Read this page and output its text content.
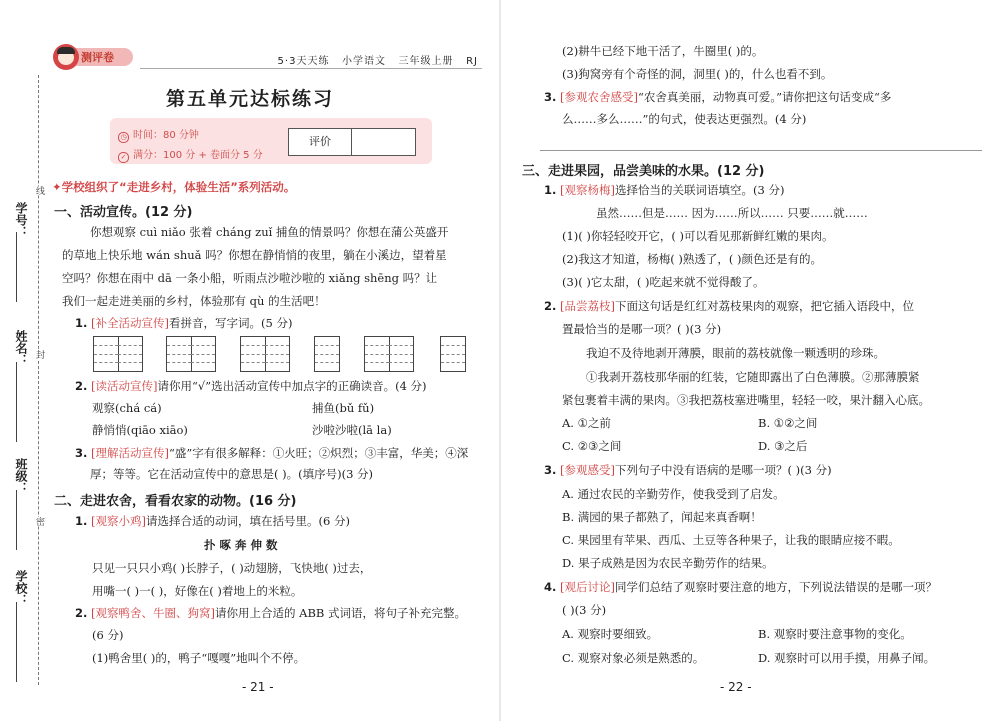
学号：
姓名：
班级：
学校：
线
封
密
测评卷	5·3天天练 小学语文 三年级上册 RJ
第五单元达标练习
◷ 时间：80 分钟
✓ 满分：100 分 + 卷面分 5 分
评价
✦学校组织了“走进乡村，体验生活”系列活动。
一、活动宣传。(12 分)
你想观察 cuì niǎo 张着 cháng zuǐ 捕鱼的情景吗？你想在蒲公英盛开
的草地上快乐地 wán shuǎ 吗？你想在静悄悄的夜里，躺在小溪边，望着星
空吗？你想在雨中 dā 一条小船，听雨点沙啦沙啦的 xiǎng shēng 吗？让
我们一起走进美丽的乡村，体验那有 qù 的生活吧！
1. [补全活动宣传]看拼音，写字词。(5 分)
2. [读活动宣传]请你用“√”选出活动宣传中加点字的正确读音。(4 分)
观察(chá cá)	捕鱼(bǔ fǔ)
静悄悄(qiāo xiāo)	沙啦沙啦(lā la)
3. [理解活动宣传]“盛”字有很多解释：①火旺；②炽烈；③丰富，华美；④深
厚；等等。它在活动宣传中的意思是( )。(填序号)(3 分)
二、走进农舍，看看农家的动物。(16 分)
1. [观察小鸡]请选择合适的动词，填在括号里。(6 分)
扑 啄 奔 伸 数
只见一只只小鸡( )长脖子，( )动翅膀，飞快地( )过去，
用嘴一( )一( )，好像在( )着地上的米粒。
2. [观察鸭舍、牛圈、狗窝]请你用上合适的 ABB 式词语，将句子补充完整。
(6 分)
(1)鸭舍里( )的，鸭子“嘎嘎”地叫个不停。
- 21 -
(2)耕牛已经下地干活了，牛圈里( )的。
(3)狗窝旁有个奇怪的洞，洞里( )的，什么也看不到。
3. [参观农舍感受]“农舍真美丽，动物真可爱。”请你把这句话变成“多
么……多么……”的句式，使表达更强烈。(4 分)
三、走进果园，品尝美味的水果。(12 分)
1. [观察杨梅]选择恰当的关联词语填空。(3 分)
虽然……但是…… 因为……所以…… 只要……就……
(1)( )你轻轻咬开它，( )可以看见那新鲜红嫩的果肉。
(2)我这才知道，杨梅( )熟透了，( )颜色还是有的。
(3)( )它太甜，( )吃起来就不觉得酸了。
2. [品尝荔枝]下面这句话是红红对荔枝果肉的观察，把它插入语段中，位
置最恰当的是哪一项？( )(3 分)
我迫不及待地剥开薄膜，眼前的荔枝就像一颗透明的珍珠。
①我剥开荔枝那华丽的红装，它随即露出了白色薄膜。②那薄膜紧
紧包裹着丰满的果肉。③我把荔枝塞进嘴里，轻轻一咬，果汁翻入心底。
A. ①之前	B. ①②之间
C. ②③之间	D. ③之后
3. [参观感受]下列句子中没有语病的是哪一项？( )(3 分)
A. 通过农民的辛勤劳作，使我受到了启发。
B. 满园的果子都熟了，闻起来真香啊！
C. 果园里有苹果、西瓜、土豆等各种果子，让我的眼睛应接不暇。
D. 果子成熟是因为农民辛勤劳作的结果。
4. [观后讨论]同学们总结了观察时要注意的地方，下列说法错误的是哪一项？
( )(3 分)
A. 观察时要细致。	B. 观察时要注意事物的变化。
C. 观察对象必须是熟悉的。	D. 观察时可以用手摸，用鼻子闻。
- 22 -
